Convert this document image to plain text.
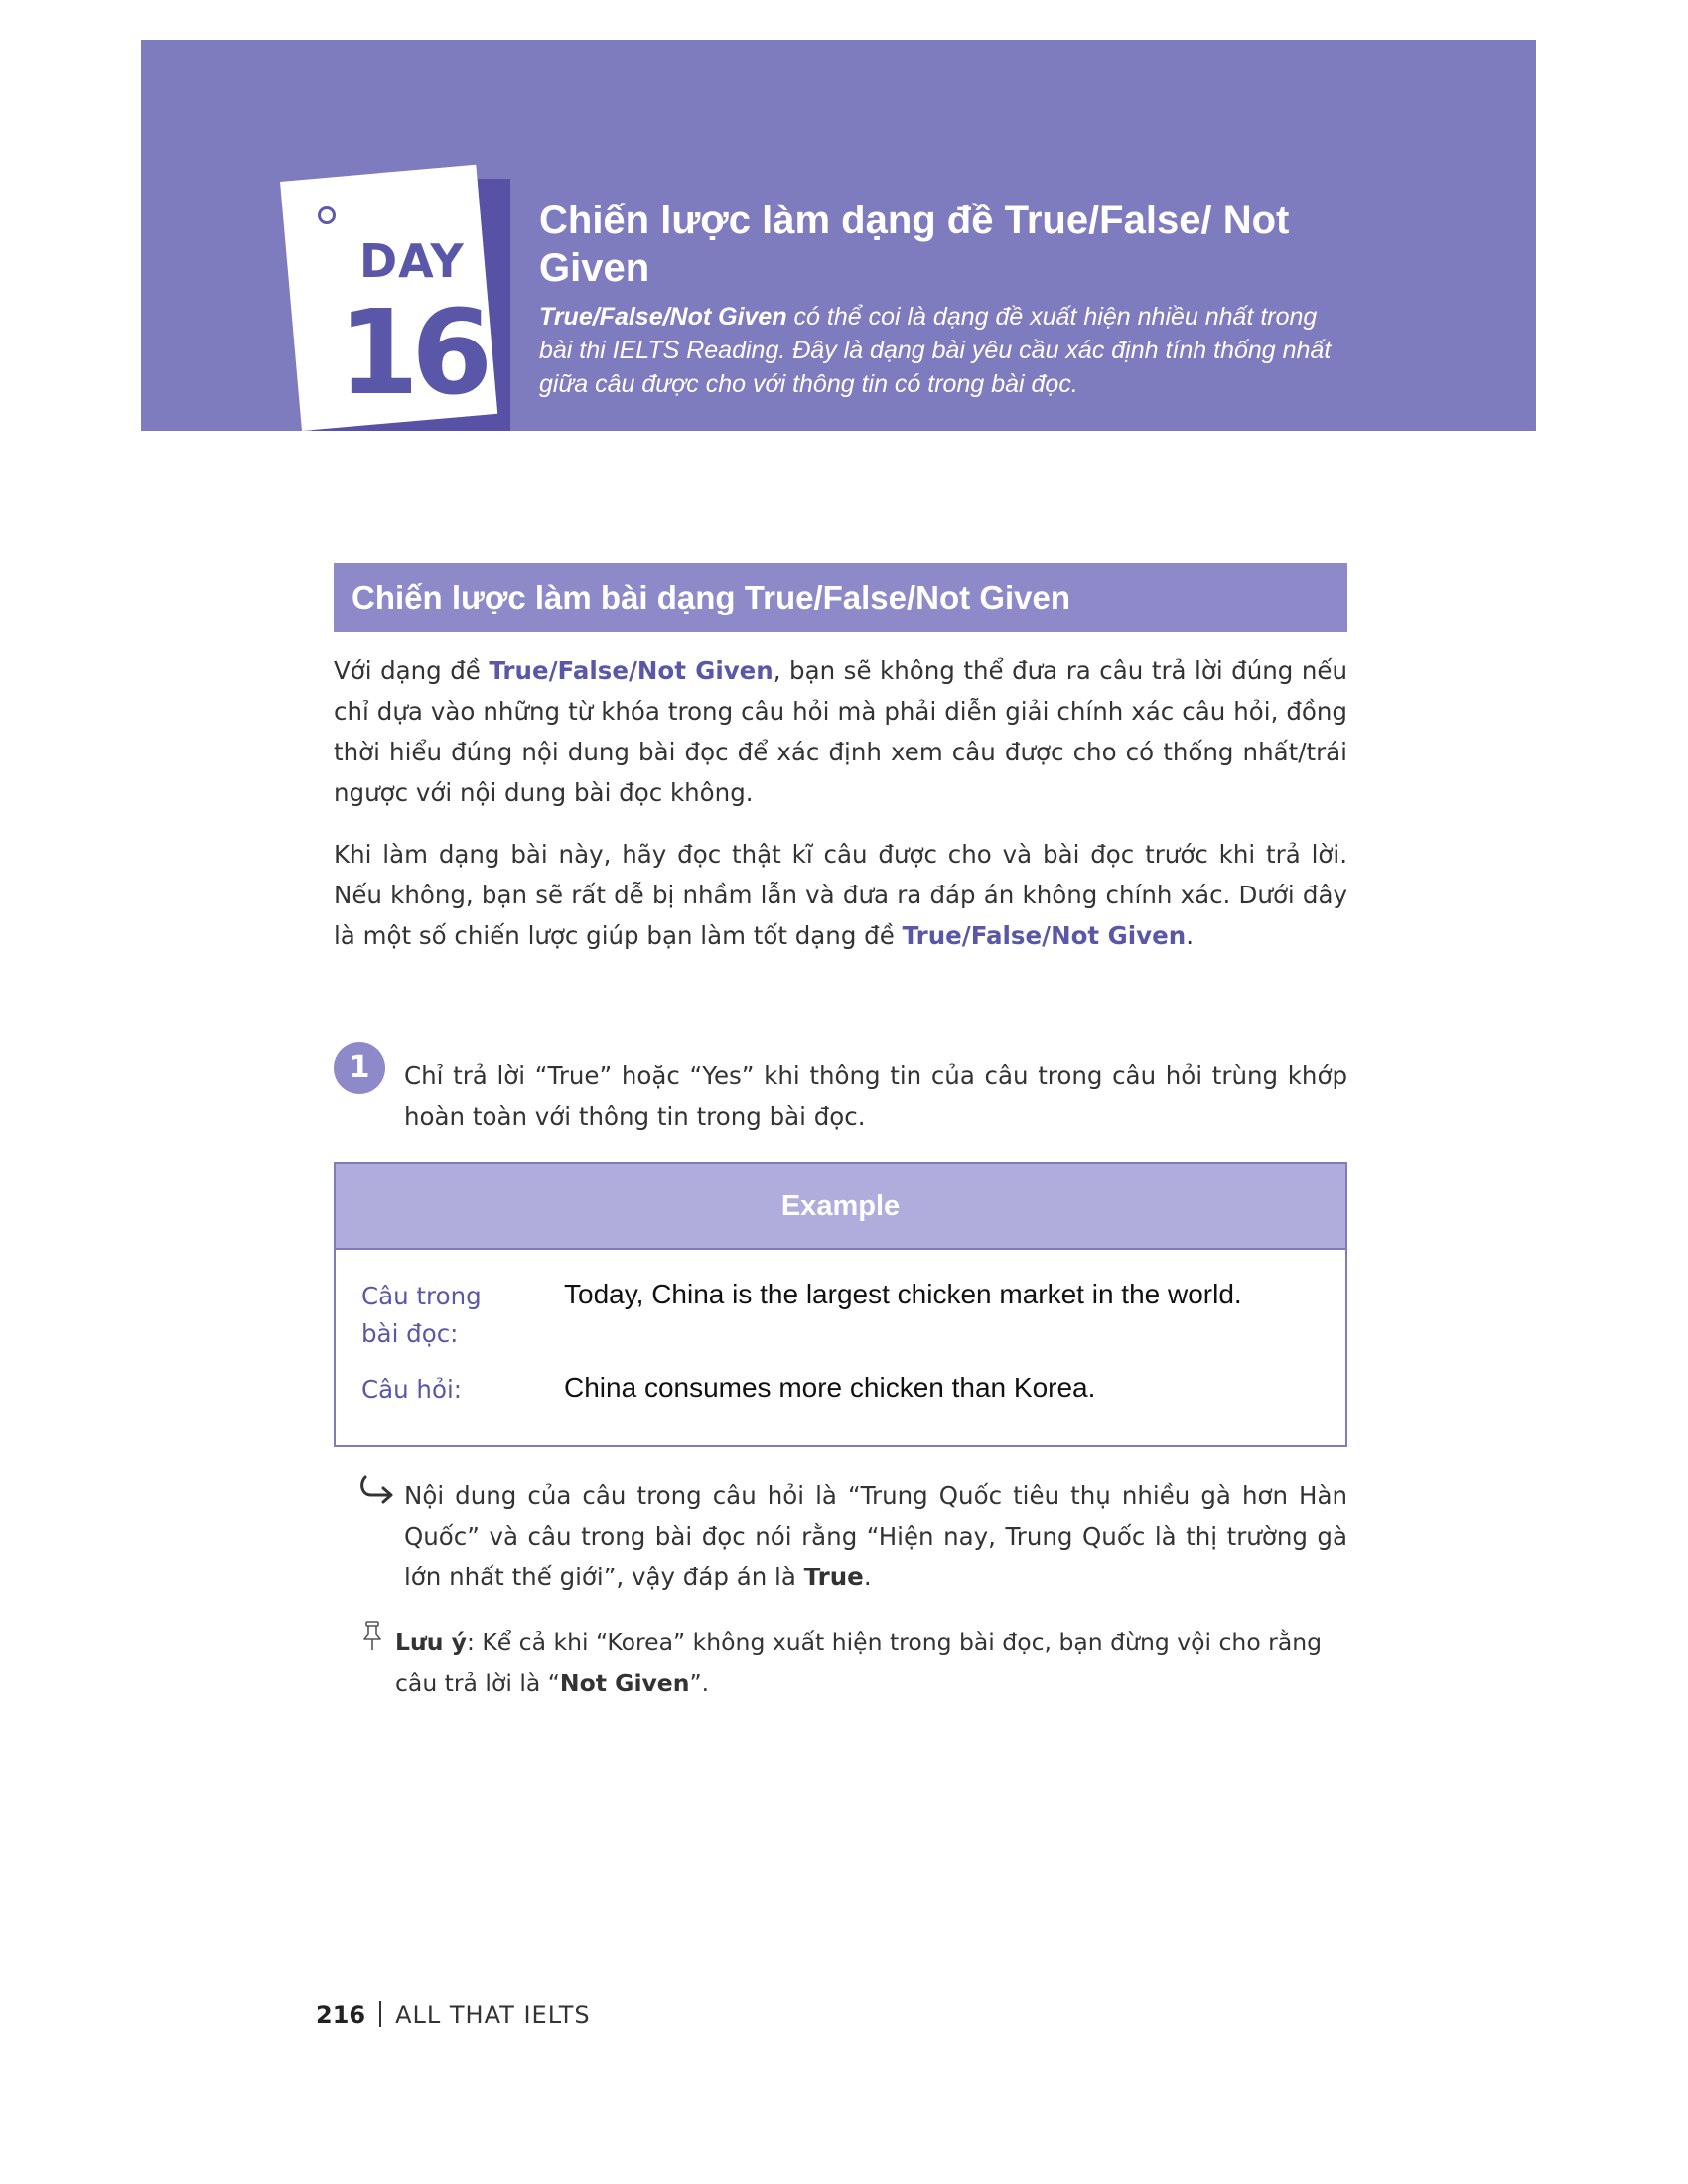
DAY
16
Chiến lược làm dạng đề True/False/ Not Given
True/False/Not Given có thể coi là dạng đề xuất hiện nhiều nhất trong bài thi IELTS Reading. Đây là dạng bài yêu cầu xác định tính thống nhất giữa câu được cho với thông tin có trong bài đọc.
Chiến lược làm bài dạng True/False/Not Given

Với dạng đề True/False/Not Given, bạn sẽ không thể đưa ra câu trả lời đúng nếu chỉ dựa vào những từ khóa trong câu hỏi mà phải diễn giải chính xác câu hỏi, đồng thời hiểu đúng nội dung bài đọc để xác định xem câu được cho có thống nhất/trái ngược với nội dung bài đọc không.

Khi làm dạng bài này, hãy đọc thật kĩ câu được cho và bài đọc trước khi trả lời. Nếu không, bạn sẽ rất dễ bị nhầm lẫn và đưa ra đáp án không chính xác. Dưới đây là một số chiến lược giúp bạn làm tốt dạng đề True/False/Not Given.

1	Chỉ trả lời “True” hoặc “Yes” khi thông tin của câu trong câu hỏi trùng khớp hoàn toàn với thông tin trong bài đọc.

Example
Câu trong bài đọc:
Today, China is the largest chicken market in the world.
Câu hỏi:	China consumes more chicken than Korea.

Nội dung của câu trong câu hỏi là “Trung Quốc tiêu thụ nhiều gà hơn Hàn Quốc” và câu trong bài đọc nói rằng “Hiện nay, Trung Quốc là thị trường gà lớn nhất thế giới”, vậy đáp án là True.

Lưu ý: Kể cả khi “Korea” không xuất hiện trong bài đọc, bạn đừng vội cho rằng câu trả lời là “Not Given”.

216 ALL THAT IELTS
